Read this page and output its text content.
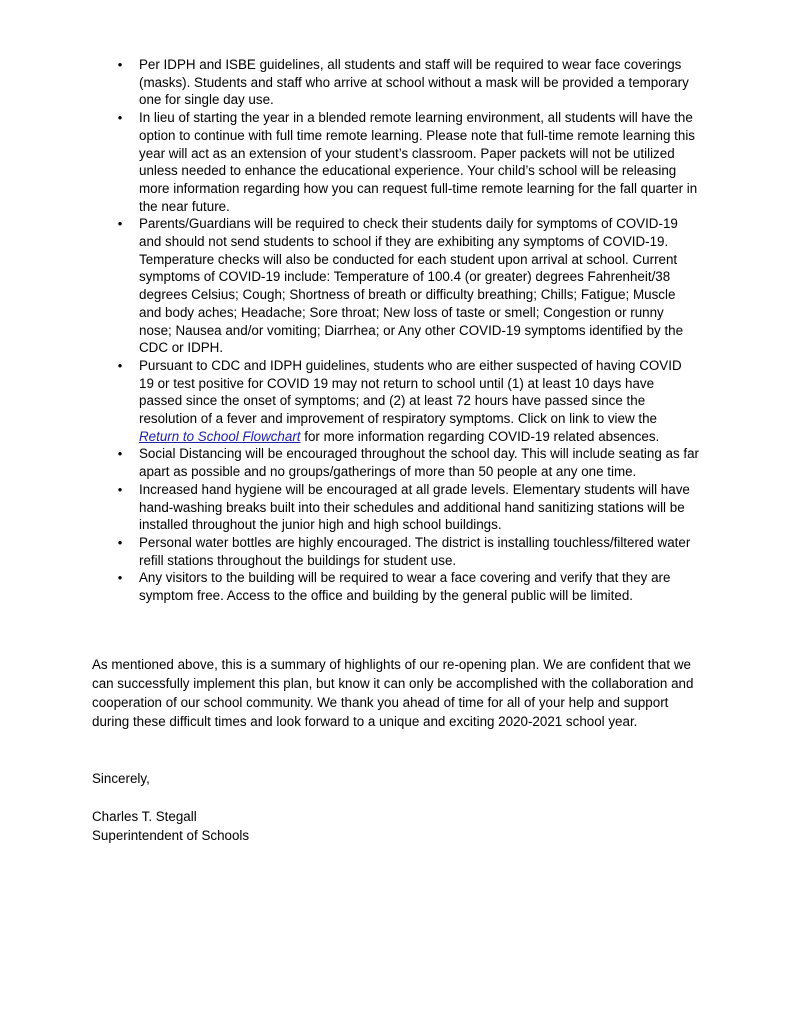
• Per IDPH and ISBE guidelines, all students and staff will be required to wear face coverings (masks). Students and staff who arrive at school without a mask will be provided a temporary one for single day use.
• In lieu of starting the year in a blended remote learning environment, all students will have the option to continue with full time remote learning. Please note that full-time remote learning this year will act as an extension of your student’s classroom. Paper packets will not be utilized unless needed to enhance the educational experience. Your child’s school will be releasing more information regarding how you can request full-time remote learning for the fall quarter in the near future.
• Parents/Guardians will be required to check their students daily for symptoms of COVID-19 and should not send students to school if they are exhibiting any symptoms of COVID-19. Temperature checks will also be conducted for each student upon arrival at school. Current symptoms of COVID-19 include: Temperature of 100.4 (or greater) degrees Fahrenheit/38 degrees Celsius; Cough; Shortness of breath or difficulty breathing; Chills; Fatigue; Muscle and body aches; Headache; Sore throat; New loss of taste or smell; Congestion or runny nose; Nausea and/or vomiting; Diarrhea; or Any other COVID-19 symptoms identified by the CDC or IDPH.
• Pursuant to CDC and IDPH guidelines, students who are either suspected of having COVID 19 or test positive for COVID 19 may not return to school until (1) at least 10 days have passed since the onset of symptoms; and (2) at least 72 hours have passed since the resolution of a fever and improvement of respiratory symptoms. Click on link to view the Return to School Flowchart for more information regarding COVID-19 related absences.
• Social Distancing will be encouraged throughout the school day. This will include seating as far apart as possible and no groups/gatherings of more than 50 people at any one time.
• Increased hand hygiene will be encouraged at all grade levels. Elementary students will have hand-washing breaks built into their schedules and additional hand sanitizing stations will be installed throughout the junior high and high school buildings.
• Personal water bottles are highly encouraged. The district is installing touchless/filtered water refill stations throughout the buildings for student use.
• Any visitors to the building will be required to wear a face covering and verify that they are symptom free. Access to the office and building by the general public will be limited.

As mentioned above, this is a summary of highlights of our re-opening plan. We are confident that we can successfully implement this plan, but know it can only be accomplished with the collaboration and cooperation of our school community. We thank you ahead of time for all of your help and support during these difficult times and look forward to a unique and exciting 2020-2021 school year.

Sincerely,

Charles T. Stegall

Superintendent of Schools
